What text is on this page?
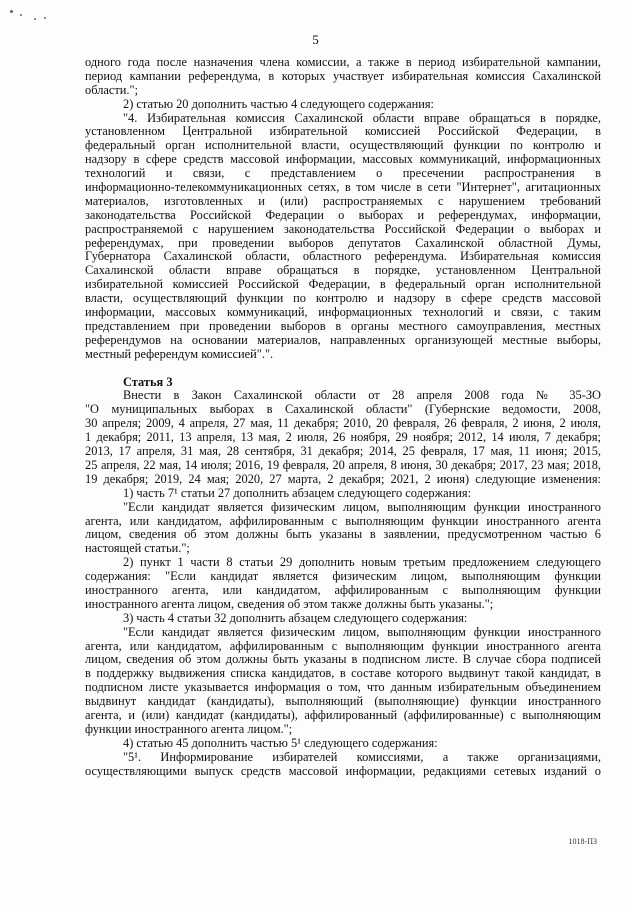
5
одного года после назначения члена комиссии, а также в период избирательной кампании,
период кампании референдума, в которых участвует избирательная комиссия Сахалинской
области.";
2) статью 20 дополнить частью 4 следующего содержания:
"4. Избирательная комиссия Сахалинской области вправе обращаться в порядке,
установленном Центральной избирательной комиссией Российской Федерации, в
федеральный орган исполнительной власти, осуществляющий функции по контролю и
надзору в сфере средств массовой информации, массовых коммуникаций, информационных
технологий и связи, с представлением о пресечении распространения в
информационно-телекоммуникационных сетях, в том числе в сети "Интернет", агитационных
материалов, изготовленных и (или) распространяемых с нарушением требований
законодательства Российской Федерации о выборах и референдумах, информации,
распространяемой с нарушением законодательства Российской Федерации о выборах и
референдумах, при проведении выборов депутатов Сахалинской областной Думы,
Губернатора Сахалинской области, областного референдума. Избирательная комиссия
Сахалинской области вправе обращаться в порядке, установленном Центральной
избирательной комиссией Российской Федерации, в федеральный орган исполнительной
власти, осуществляющий функции по контролю и надзору в сфере средств массовой
информации, массовых коммуникаций, информационных технологий и связи, с таким
представлением при проведении выборов в органы местного самоуправления, местных
референдумов на основании материалов, направленных организующей местные выборы,
местный референдум комиссией".".
Статья 3
Внести в Закон Сахалинской области от 28 апреля 2008 года № 35-ЗО
"О муниципальных выборах в Сахалинской области" (Губернские ведомости, 2008,
30 апреля; 2009, 4 апреля, 27 мая, 11 декабря; 2010, 20 февраля, 26 февраля, 2 июня, 2 июля,
1 декабря; 2011, 13 апреля, 13 мая, 2 июля, 26 ноября, 29 ноября; 2012, 14 июля, 7 декабря;
2013, 17 апреля, 31 мая, 28 сентября, 31 декабря; 2014, 25 февраля, 17 мая, 11 июня; 2015,
25 апреля, 22 мая, 14 июля; 2016, 19 февраля, 20 апреля, 8 июня, 30 декабря; 2017, 23 мая; 2018,
19 декабря; 2019, 24 мая; 2020, 27 марта, 2 декабря; 2021, 2 июня) следующие изменения:
1) часть 7¹ статьи 27 дополнить абзацем следующего содержания:
"Если кандидат является физическим лицом, выполняющим функции иностранного
агента, или кандидатом, аффилированным с выполняющим функции иностранного агента
лицом, сведения об этом должны быть указаны в заявлении, предусмотренном частью 6
настоящей статьи.";
2) пункт 1 части 8 статьи 29 дополнить новым третьим предложением следующего
содержания: "Если кандидат является физическим лицом, выполняющим функции
иностранного агента, или кандидатом, аффилированным с выполняющим функции
иностранного агента лицом, сведения об этом также должны быть указаны.";
3) часть 4 статьи 32 дополнить абзацем следующего содержания:
"Если кандидат является физическим лицом, выполняющим функции иностранного
агента, или кандидатом, аффилированным с выполняющим функции иностранного агента
лицом, сведения об этом должны быть указаны в подписном листе. В случае сбора подписей
в поддержку выдвижения списка кандидатов, в составе которого выдвинут такой кандидат, в
подписном листе указывается информация о том, что данным избирательным объединением
выдвинут кандидат (кандидаты), выполняющий (выполняющие) функции иностранного
агента, и (или) кандидат (кандидаты), аффилированный (аффилированные) с выполняющим
функции иностранного агента лицом.";
4) статью 45 дополнить частью 5¹ следующего содержания:
"5¹. Информирование избирателей комиссиями, а также организациями,
осуществляющими выпуск средств массовой информации, редакциями сетевых изданий о
1018-ПЗ
